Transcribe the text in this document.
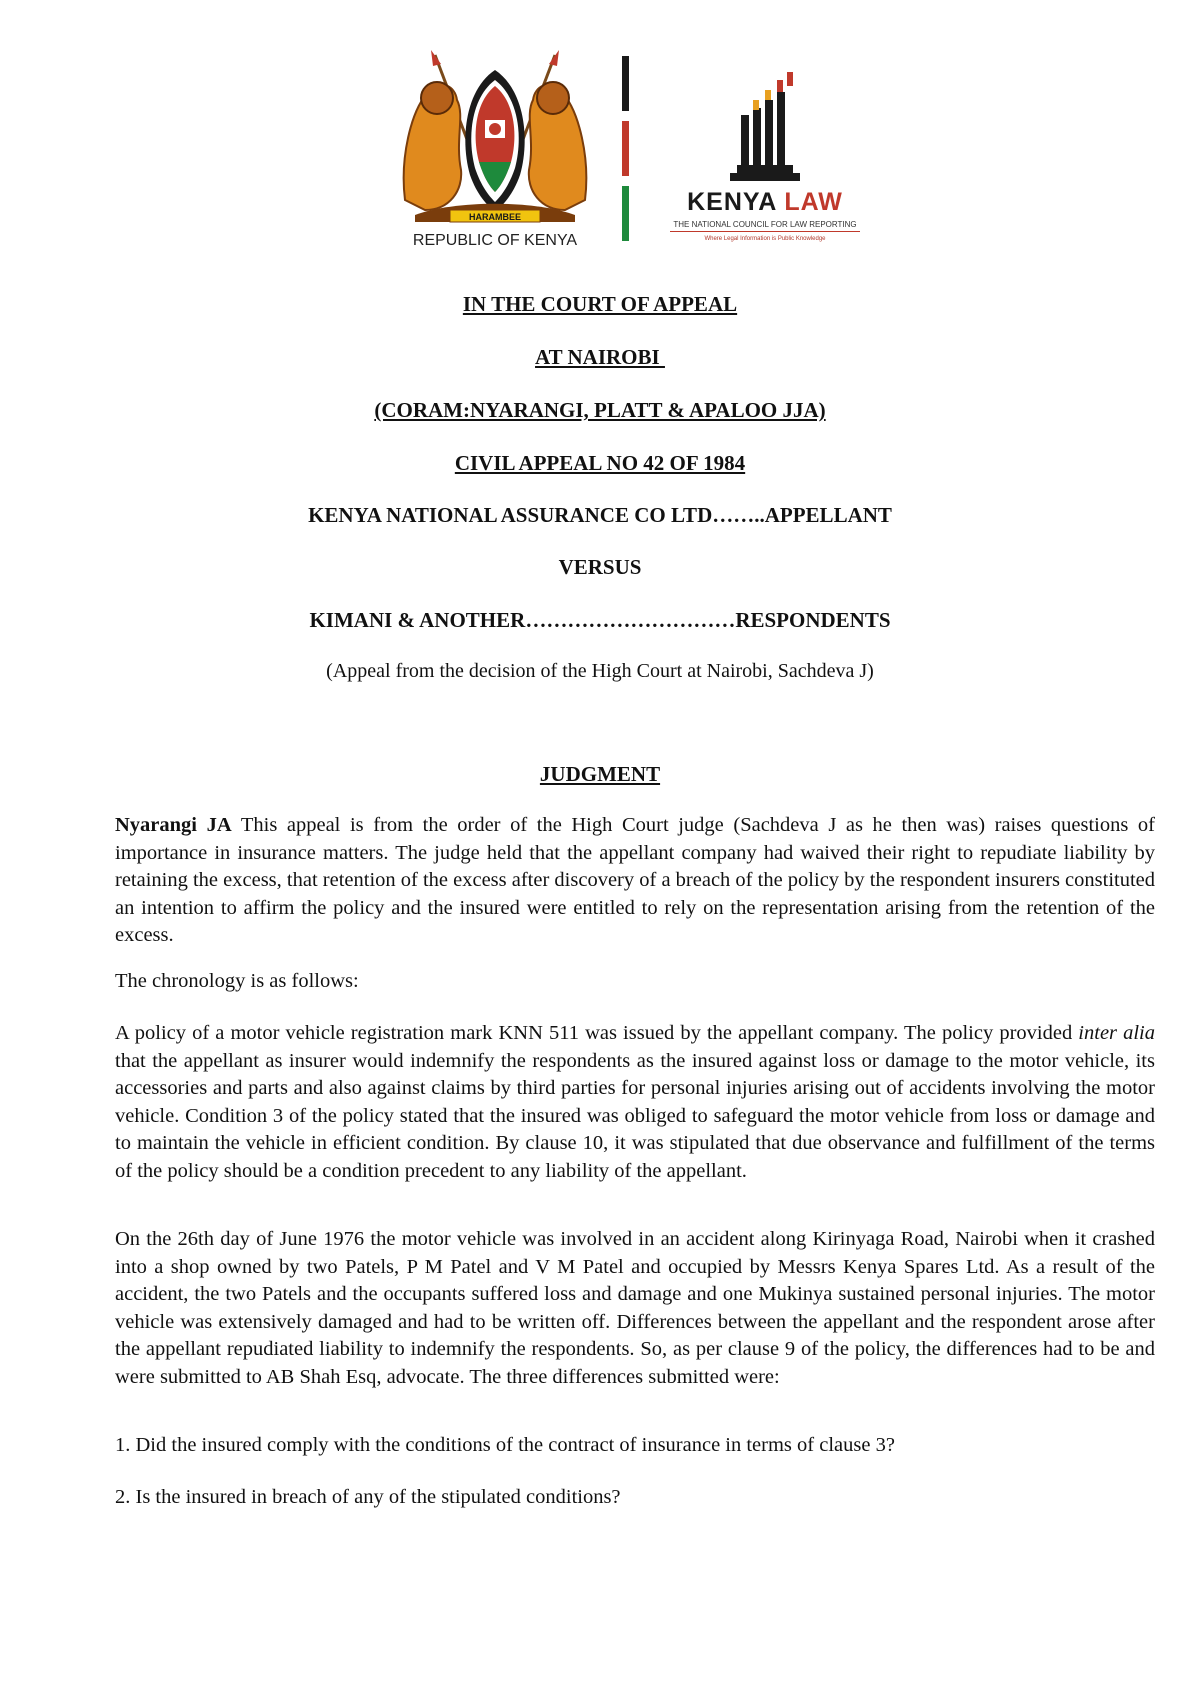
HARAMBEE
REPUBLIC OF KENYA
KENYA LAW
THE NATIONAL COUNCIL FOR LAW REPORTING
Where Legal Information is Public Knowledge
IN THE COURT OF APPEAL
AT NAIROBI
(CORAM:NYARANGI, PLATT & APALOO JJA)
CIVIL APPEAL NO 42 OF 1984
KENYA NATIONAL ASSURANCE CO LTD……..APPELLANT
VERSUS
KIMANI & ANOTHER…………………………RESPONDENTS
(Appeal from the decision of the High Court at Nairobi, Sachdeva J)
JUDGMENT

Nyarangi JA This appeal is from the order of the High Court judge (Sachdeva J as he then was) raises questions of importance in insurance matters. The judge held that the appellant company had waived their right to repudiate liability by retaining the excess, that retention of the excess after discovery of a breach of the policy by the respondent insurers constituted an intention to affirm the policy and the insured were entitled to rely on the representation arising from the retention of the excess.

The chronology is as follows:

A policy of a motor vehicle registration mark KNN 511 was issued by the appellant company. The policy provided inter alia that the appellant as insurer would indemnify the respondents as the insured against loss or damage to the motor vehicle, its accessories and parts and also against claims by third parties for personal injuries arising out of accidents involving the motor vehicle. Condition 3 of the policy stated that the insured was obliged to safeguard the motor vehicle from loss or damage and to maintain the vehicle in efficient condition. By clause 10, it was stipulated that due observance and fulfillment of the terms of the policy should be a condition precedent to any liability of the appellant.

On the 26th day of June 1976 the motor vehicle was involved in an accident along Kirinyaga Road, Nairobi when it crashed into a shop owned by two Patels, P M Patel and V M Patel and occupied by Messrs Kenya Spares Ltd. As a result of the accident, the two Patels and the occupants suffered loss and damage and one Mukinya sustained personal injuries. The motor vehicle was extensively damaged and had to be written off. Differences between the appellant and the respondent arose after the appellant repudiated liability to indemnify the respondents. So, as per clause 9 of the policy, the differences had to be and were submitted to AB Shah Esq, advocate. The three differences submitted were:

1. Did the insured comply with the conditions of the contract of insurance in terms of clause 3?

2. Is the insured in breach of any of the stipulated conditions?
